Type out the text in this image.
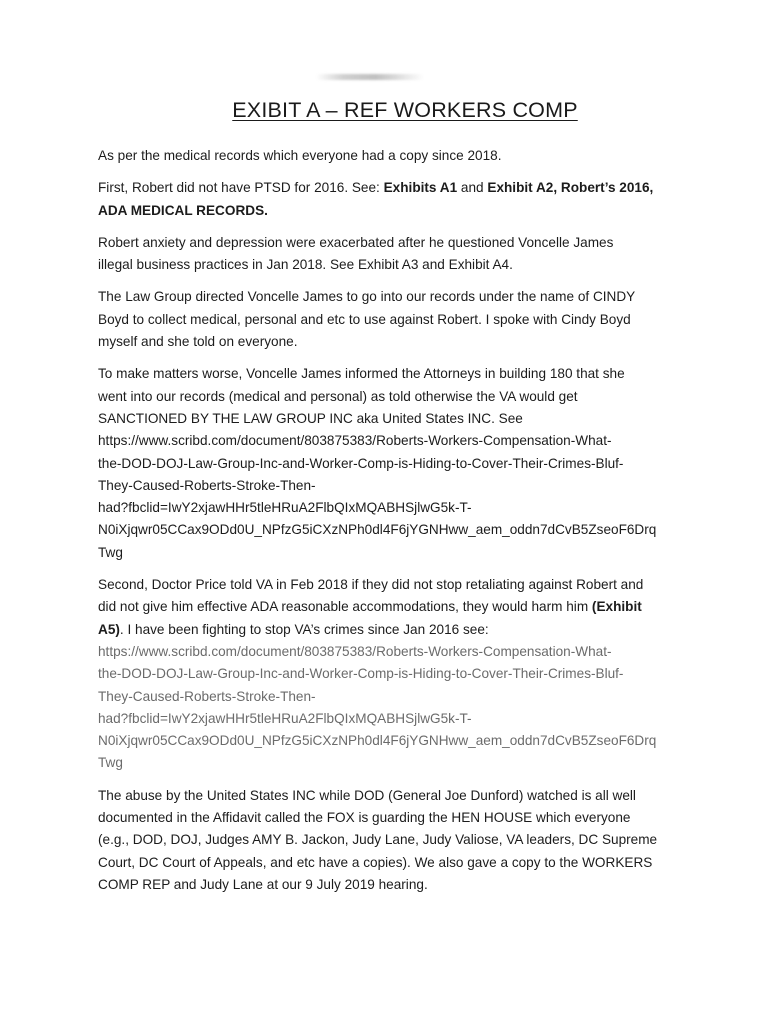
EXIBIT A – REF WORKERS COMP
As per the medical records which everyone had a copy since 2018.
First, Robert did not have PTSD for 2016. See: Exhibits A1 and Exhibit A2, Robert’s 2016,
ADA MEDICAL RECORDS.
Robert anxiety and depression were exacerbated after he questioned Voncelle James
illegal business practices in Jan 2018. See Exhibit A3 and Exhibit A4.
The Law Group directed Voncelle James to go into our records under the name of CINDY
Boyd to collect medical, personal and etc to use against Robert. I spoke with Cindy Boyd
myself and she told on everyone.
To make matters worse, Voncelle James informed the Attorneys in building 180 that she
went into our records (medical and personal) as told otherwise the VA would get
SANCTIONED BY THE LAW GROUP INC aka United States INC. See
https://www.scribd.com/document/803875383/Roberts-Workers-Compensation-What-
the-DOD-DOJ-Law-Group-Inc-and-Worker-Comp-is-Hiding-to-Cover-Their-Crimes-Bluf-
They-Caused-Roberts-Stroke-Then-
had?fbclid=IwY2xjawHHr5tleHRuA2FlbQIxMQABHSjlwG5k-T-
N0iXjqwr05CCax9ODd0U_NPfzG5iCXzNPh0dl4F6jYGNHww_aem_oddn7dCvB5ZseoF6Drq
Twg
Second, Doctor Price told VA in Feb 2018 if they did not stop retaliating against Robert and
did not give him effective ADA reasonable accommodations, they would harm him (Exhibit
A5). I have been fighting to stop VA’s crimes since Jan 2016 see:
https://www.scribd.com/document/803875383/Roberts-Workers-Compensation-What-
the-DOD-DOJ-Law-Group-Inc-and-Worker-Comp-is-Hiding-to-Cover-Their-Crimes-Bluf-
They-Caused-Roberts-Stroke-Then-
had?fbclid=IwY2xjawHHr5tleHRuA2FlbQIxMQABHSjlwG5k-T-
N0iXjqwr05CCax9ODd0U_NPfzG5iCXzNPh0dl4F6jYGNHww_aem_oddn7dCvB5ZseoF6Drq
Twg
The abuse by the United States INC while DOD (General Joe Dunford) watched is all well
documented in the Affidavit called the FOX is guarding the HEN HOUSE which everyone
(e.g., DOD, DOJ, Judges AMY B. Jackon, Judy Lane, Judy Valiose, VA leaders, DC Supreme
Court, DC Court of Appeals, and etc have a copies). We also gave a copy to the WORKERS
COMP REP and Judy Lane at our 9 July 2019 hearing.
